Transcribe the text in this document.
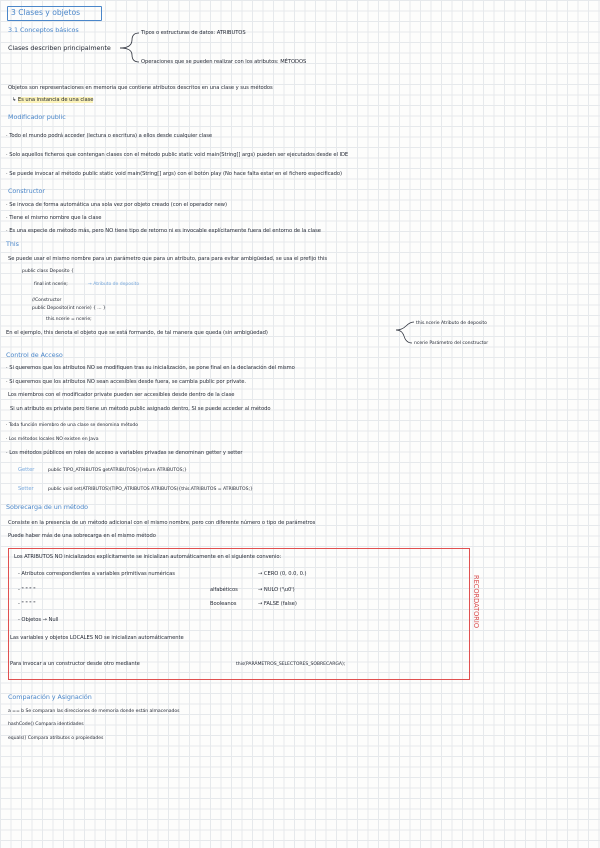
3 Clases y objetos
3.1 Conceptos básicos
Clases describen principalmente
Tipos o estructuras de datos: ATRIBUTOS
Operaciones que se pueden realizar con los atributos: MÉTODOS
Objetos son representaciones en memoria que contiene atributos descritos en una clase y sus métodos
↳ Es una instancia de una clase
Modificador public
· Todo el mundo podrá acceder (lectura o escritura) a ellos desde cualquier clase
· Solo aquellos ficheros que contengan clases con el método public static void main(String[] args) pueden ser ejecutados desde el IDE
· Se puede invocar al método public static void main(String[] args) con el botón play (No hace falta estar en el fichero especificado)
Constructor
· Se invoca de forma automática una sola vez por objeto creado (con el operador new)
· Tiene el mismo nombre que la clase
· Es una especie de método más, pero NO tiene tipo de retorno ni es invocable explícitamente fuera del entorno de la clase
This
Se puede usar el mismo nombre para un parámetro que para un atributo, para para evitar ambigüedad, se usa el prefijo this
public class Deposito {
final int ncerie;	→ Atributo de deposito
//Constructor
public Deposito(int ncerie) { ... }
this.ncerie = ncerie;
this.ncerie Atributo de deposito
ncerie Parámetro del constructor
En el ejemplo, this denota el objeto que se está formando, de tal manera que queda (sin ambigüedad)
Control de Acceso
· Si queremos que los atributos NO se modifiquen tras su inicialización, se pone final en la declaración del mismo
· Si queremos que los atributos NO sean accesibles desde fuera, se cambia public por private.
Los miembros con el modificador private pueden ser accesibles desde dentro de la clase
Si un atributo es private pero tiene un método public asignado dentro, SI se puede acceder al método
· Toda función miembro de una clase se denomina método
· Los métodos locales NO existen en Java
· Los métodos públicos en roles de acceso a variables privadas se denominan getter y setter
Getter	public TIPO_ATRIBUTOS getATRIBUTOS(){return ATRIBUTOS;}
Setter	public void set(ATRIBUTOS)(TIPO_ATRIBUTOS ATRIBUTOS){this.ATRIBUTOS = ATRIBUTOS;}
Sobrecarga de un método
Consiste en la presencia de un método adicional con el mismo nombre, pero con diferente número o tipo de parámetros
Puede haber más de una sobrecarga en el mismo método
Los ATRIBUTOS NO inicializados explícitamente se inicializan automáticamente en el siguiente convenio:
- Atributos correspondientes a variables primitivas numéricas	→ CERO (0, 0.0, 0.)
- " " " "	alfabéticos	→ NULO ('\u0')
- " " " "	Booleanos	→ FALSE (false)
- Objetos → Null
Las variables y objetos LOCALES NO se inicializan automáticamente
Para invocar a un constructor desde otro mediante	this(PARÁMETROS_SELECTORES_SOBRECARGA);
RECORDATORIO
Comparación y Asignación
a == b Se comparan las direcciones de memoria donde están almacenados
hashCode() Compara identidades
equals() Compara atributos o propiedades
